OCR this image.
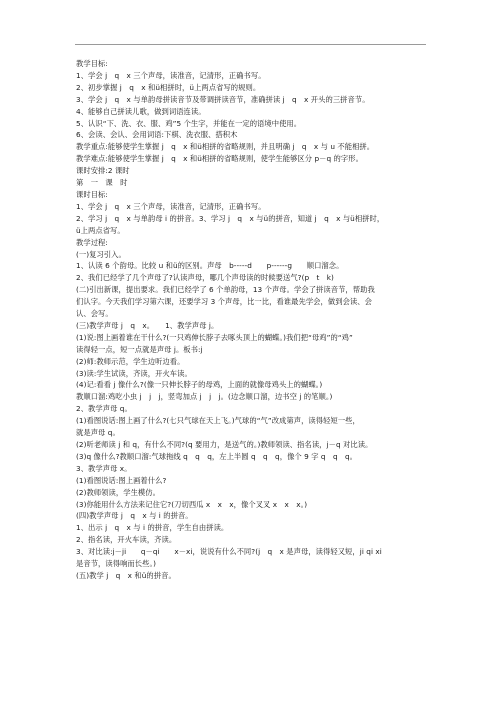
教学目标:

1、学会 j　q　x 三个声母，读准音，记清形，正确书写。

2、初步掌握 j　q　x 和ü相拼时，ü上两点省写的规则。

3、学会 j　q　x 与单韵母拼读音节及带调拼读音节，准确拼读 j　q　x 开头的三拼音节。

4、能够自己拼读儿歌，做到词语连读。

5、认识“下、洗、衣、服、鸡”5 个生字，并能在一定的语境中使用。

6、会读、会认、会用词语:下棋、洗衣服、搭积木

教学重点:能够使学生掌握 j　q　x 和ü相拼的省略规则，并且明确 j　q　x 与 u 不能相拼。

教学难点:能够使学生掌握 j　q　x 和ü相拼的省略规则，使学生能够区分 p－q 的字形。

课时安排:2 课时

第　一　课　时

课时目标:

1、学会 j　q　x 三个声母，读准音，记清形，正确书写。

2、学习 j　q　x 与单韵母 i 的拼音。3、学习 j　q　x 与ü的拼音，知道 j　q　x 与ü相拼时，

ü上两点省写。

教学过程:

(一)复习引入。

1、认读 6 个韵母。比较 u 和ü的区别。声母　b-----d　　p------g　　顺口溜念。

2、我们已经学了几个声母了?认读声母，哪几个声母读的时候要送气?(p　t　k)

(二)引出新课，提出要求。我们已经学了 6 个单韵母，13 个声母。学会了拼读音节，帮助我

们认字。今天我们学习第六课，还要学习 3 个声母，比一比，看谁最先学会，做到会读、会

认、会写。

(三)教学声母 j　q　x。　　1、教学声母 j。

(1)说:图上画着谁在干什么?(一只鸡伸长脖子去啄头顶上的蝴蝶。)我们把“母鸡”的“鸡”

读得轻一点，短一点就是声母 j。板书:j

(2)师:教师示范，学生边听边看。

(3)读:学生试读，齐读，开火车读。

(4)记:看看 j 像什么?(像一只伸长脖子的母鸡，上面的就像母鸡头上的蝴蝶。)

教顺口溜:鸡吃小虫 j　j　j，竖弯加点 j　j　j。(边念顺口溜，边书空 j 的笔顺。)

2、教学声母 q。

(1)看图说话:图上画了什么?(七只气球在天上飞。)气球的“气”改成第声，读得轻短一些，

就是声母 q。

(2)听老师读 j 和 q，有什么不同?(q 要用力，是送气的。)教师领读、指名读，j－q 对比读。

(3)q 像什么?教顺口溜:气球拖线 q　q　q，左上半圆 q　q　q，像个 9 字 q　q　q。

3、教学声母 x。

(1)看图说话:图上画着什么?

(2)教师领读，学生模仿。

(3)你能用什么方法来记住它?(刀切西瓜 x　x　x，像个叉叉 x　x　x。)

(四)教学声母 j　q　x 与 i 的拼音。

1、出示 j　q　x 与 i 的拼音，学生自由拼读。

2、指名读，开火车读，齐读。

3、对比读:j－ji　　q－qi　　x－xi，说说有什么不同?(j　q　x 是声母，读得轻又短，ji qi xi

是音节，读得响而长些。)

(五)教学 j　q　x 和ü的拼音。
